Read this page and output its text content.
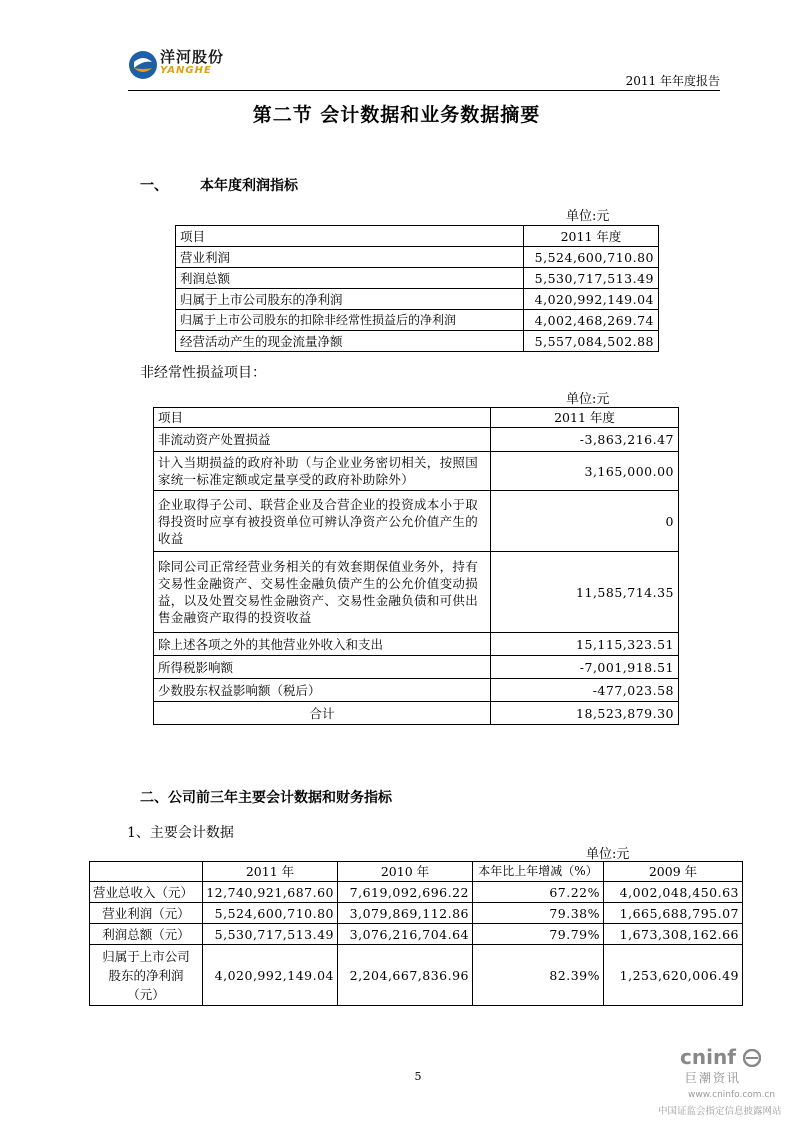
洋河股份
YANGHE
2011 年年度报告
第二节 会计数据和业务数据摘要
一、 本年度利润指标
单位:元
项目	2011 年度
营业利润	5,524,600,710.80
利润总额	5,530,717,513.49
归属于上市公司股东的净利润	4,020,992,149.04
归属于上市公司股东的扣除非经常性损益后的净利润	4,002,468,269.74
经营活动产生的现金流量净额	5,557,084,502.88
非经常性损益项目：
单位:元
项目	2011 年度
非流动资产处置损益	-3,863,216.47
计入当期损益的政府补助（与企业业务密切相关，按照国家统一标准定额或定量享受的政府补助除外）	3,165,000.00
企业取得子公司、联营企业及合营企业的投资成本小于取得投资时应享有被投资单位可辨认净资产公允价值产生的收益	0
除同公司正常经营业务相关的有效套期保值业务外，持有交易性金融资产、交易性金融负债产生的公允价值变动损益，以及处置交易性金融资产、交易性金融负债和可供出售金融资产取得的投资收益	11,585,714.35
除上述各项之外的其他营业外收入和支出	15,115,323.51
所得税影响额	-7,001,918.51
少数股东权益影响额（税后）	-477,023.58
合计	18,523,879.30
二、公司前三年主要会计数据和财务指标
1、主要会计数据
单位:元
	2011 年	2010 年	本年比上年增减（%）	2009 年
营业总收入（元）	12,740,921,687.60	7,619,092,696.22	67.22%	4,002,048,450.63
营业利润（元）	5,524,600,710.80	3,079,869,112.86	79.38%	1,665,688,795.07
利润总额（元）	5,530,717,513.49	3,076,216,704.64	79.79%	1,673,308,162.66
归属于上市公司股东的净利润（元）	4,020,992,149.04	2,204,667,836.96	82.39%	1,253,620,006.49
5
cninf
巨潮资讯
www.cninfo.com.cn
中国证监会指定信息披露网站
